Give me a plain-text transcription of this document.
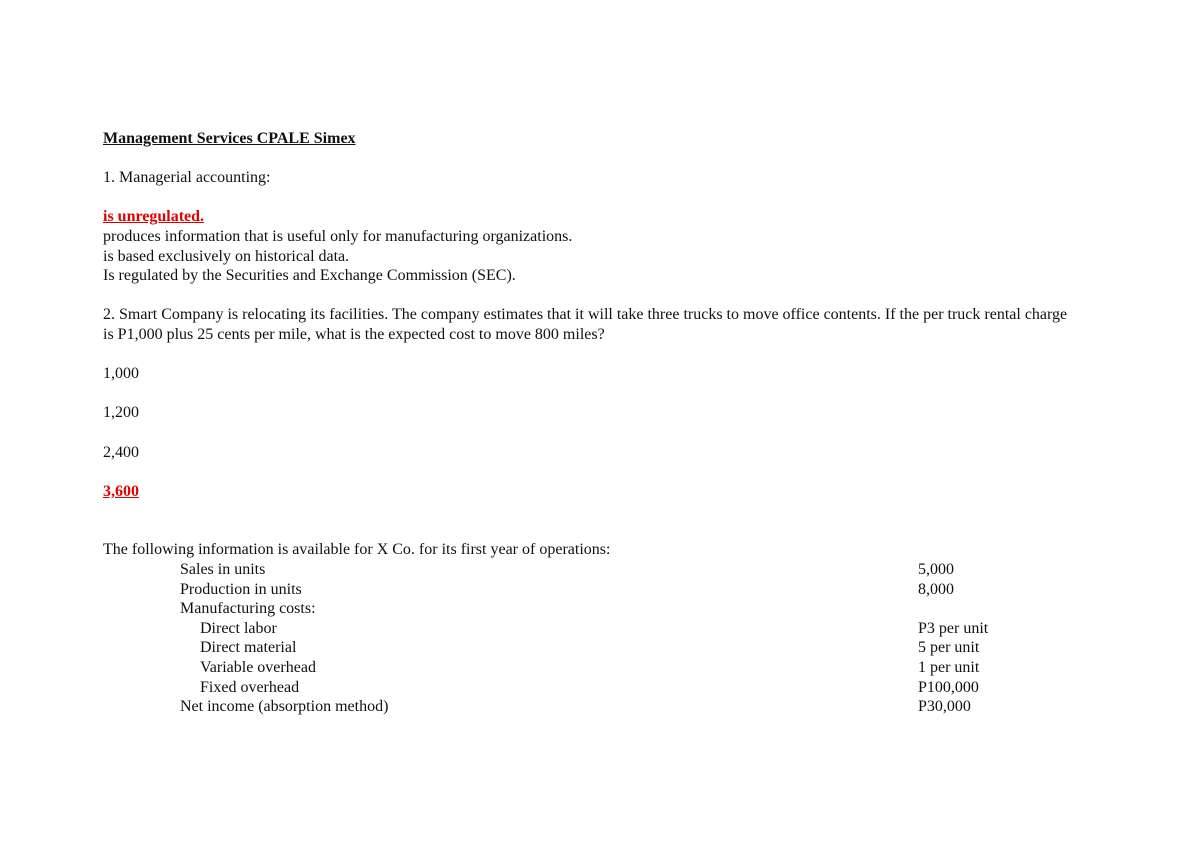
Management Services CPALE Simex

1. Managerial accounting:

is unregulated.

produces information that is useful only for manufacturing organizations.

is based exclusively on historical data.

Is regulated by the Securities and Exchange Commission (SEC).

2. Smart Company is relocating its facilities. The company estimates that it will take three trucks to move office contents. If the per truck rental charge is P1,000 plus 25 cents per mile, what is the expected cost to move 800 miles?

1,000

1,200

2,400

3,600

The following information is available for X Co. for its first year of operations:

Sales in units	5,000
Production in units	8,000
Manufacturing costs:	
Direct labor	P3 per unit
Direct material	5 per unit
Variable overhead	1 per unit
Fixed overhead	P100,000
Net income (absorption method)	P30,000
